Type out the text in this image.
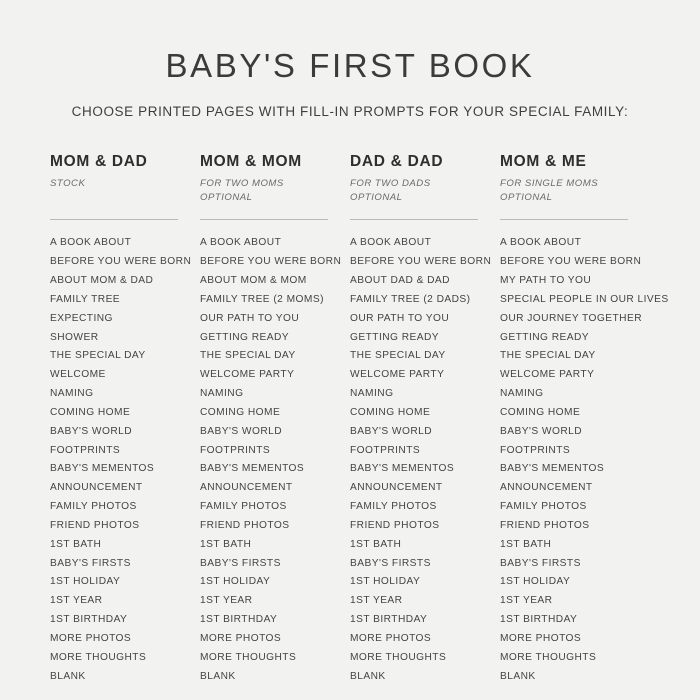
BABY'S FIRST BOOK

CHOOSE PRINTED PAGES WITH FILL-IN PROMPTS FOR YOUR SPECIAL FAMILY:

MOM & DAD
STOCK
A BOOK ABOUT
BEFORE YOU WERE BORN
ABOUT MOM & DAD
FAMILY TREE
EXPECTING
SHOWER
THE SPECIAL DAY
WELCOME
NAMING
COMING HOME
BABY'S WORLD
FOOTPRINTS
BABY'S MEMENTOS
ANNOUNCEMENT
FAMILY PHOTOS
FRIEND PHOTOS
1ST BATH
BABY'S FIRSTS
1ST HOLIDAY
1ST YEAR
1ST BIRTHDAY
MORE PHOTOS
MORE THOUGHTS
BLANK
MOM & MOM
FOR TWO MOMS
OPTIONAL
A BOOK ABOUT
BEFORE YOU WERE BORN
ABOUT MOM & MOM
FAMILY TREE (2 MOMS)
OUR PATH TO YOU
GETTING READY
THE SPECIAL DAY
WELCOME PARTY
NAMING
COMING HOME
BABY'S WORLD
FOOTPRINTS
BABY'S MEMENTOS
ANNOUNCEMENT
FAMILY PHOTOS
FRIEND PHOTOS
1ST BATH
BABY'S FIRSTS
1ST HOLIDAY
1ST YEAR
1ST BIRTHDAY
MORE PHOTOS
MORE THOUGHTS
BLANK
DAD & DAD
FOR TWO DADS
OPTIONAL
A BOOK ABOUT
BEFORE YOU WERE BORN
ABOUT DAD & DAD
FAMILY TREE (2 DADS)
OUR PATH TO YOU
GETTING READY
THE SPECIAL DAY
WELCOME PARTY
NAMING
COMING HOME
BABY'S WORLD
FOOTPRINTS
BABY'S MEMENTOS
ANNOUNCEMENT
FAMILY PHOTOS
FRIEND PHOTOS
1ST BATH
BABY'S FIRSTS
1ST HOLIDAY
1ST YEAR
1ST BIRTHDAY
MORE PHOTOS
MORE THOUGHTS
BLANK
MOM & ME
FOR SINGLE MOMS
OPTIONAL
A BOOK ABOUT
BEFORE YOU WERE BORN
MY PATH TO YOU
SPECIAL PEOPLE IN OUR LIVES
OUR JOURNEY TOGETHER
GETTING READY
THE SPECIAL DAY
WELCOME PARTY
NAMING
COMING HOME
BABY'S WORLD
FOOTPRINTS
BABY'S MEMENTOS
ANNOUNCEMENT
FAMILY PHOTOS
FRIEND PHOTOS
1ST BATH
BABY'S FIRSTS
1ST HOLIDAY
1ST YEAR
1ST BIRTHDAY
MORE PHOTOS
MORE THOUGHTS
BLANK
